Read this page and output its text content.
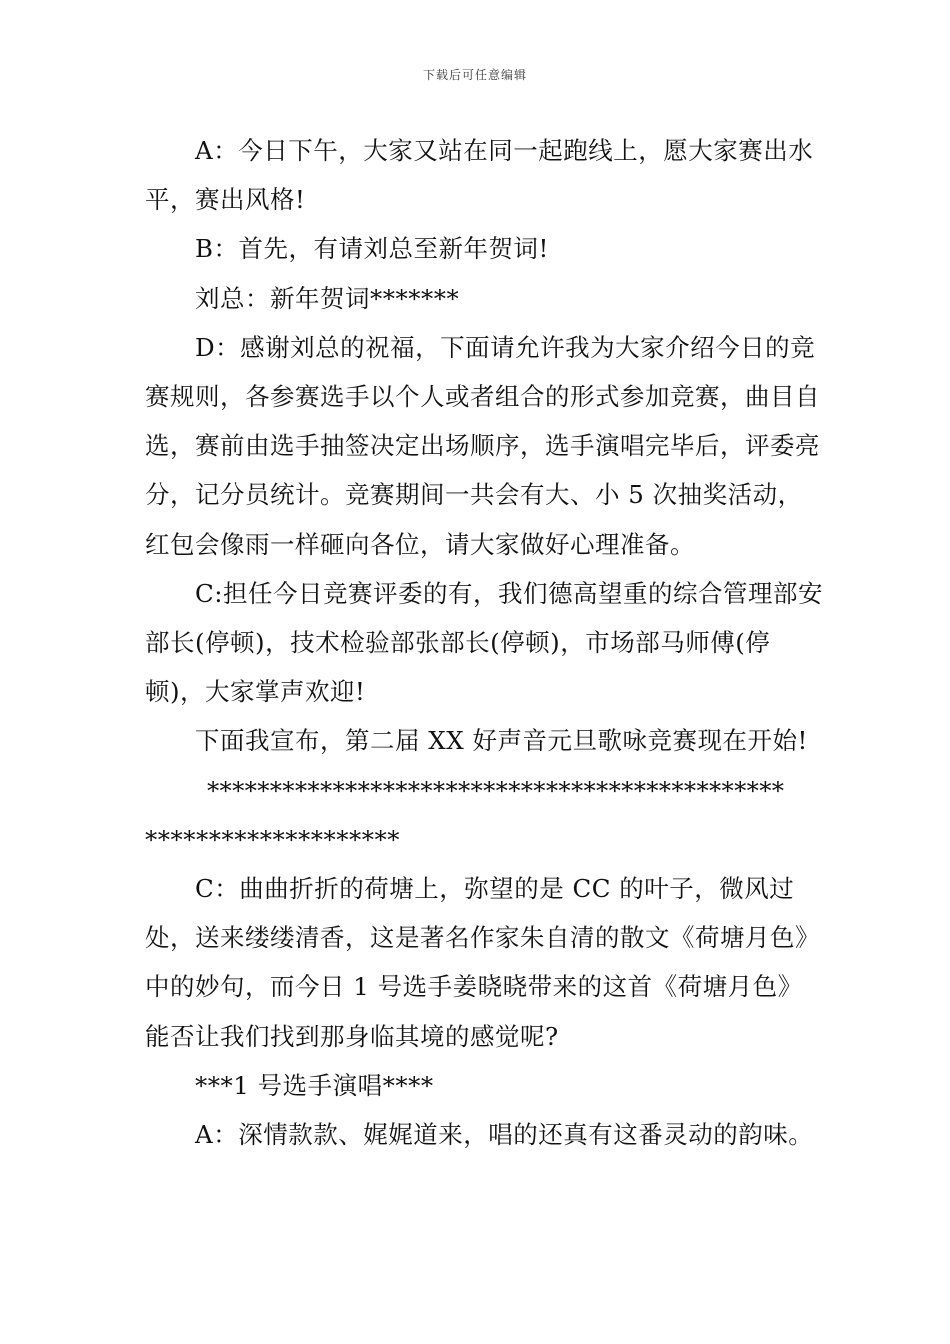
下载后可任意编辑

A：今日下午，大家又站在同一起跑线上，愿大家赛出水平，赛出风格!

B：首先，有请刘总至新年贺词!

刘总：新年贺词*******

D：感谢刘总的祝福，下面请允许我为大家介绍今日的竞赛规则，各参赛选手以个人或者组合的形式参加竞赛，曲目自选，赛前由选手抽签决定出场顺序，选手演唱完毕后，评委亮分，记分员统计。竞赛期间一共会有大、小 5 次抽奖活动，红包会像雨一样砸向各位，请大家做好心理准备。

C:担任今日竞赛评委的有，我们德高望重的综合管理部安部长(停顿)，技术检验部张部长(停顿)，市场部马师傅(停顿)，大家掌声欢迎!

下面我宣布，第二届 XX 好声音元旦歌咏竞赛现在开始!

**********************************************

********************

C：曲曲折折的荷塘上，弥望的是 CC 的叶子，微风过处，送来缕缕清香，这是著名作家朱自清的散文《荷塘月色》中的妙句，而今日 1 号选手姜晓晓带来的这首《荷塘月色》能否让我们找到那身临其境的感觉呢?

***1 号选手演唱****

A：深情款款、娓娓道来，唱的还真有这番灵动的韵味。
